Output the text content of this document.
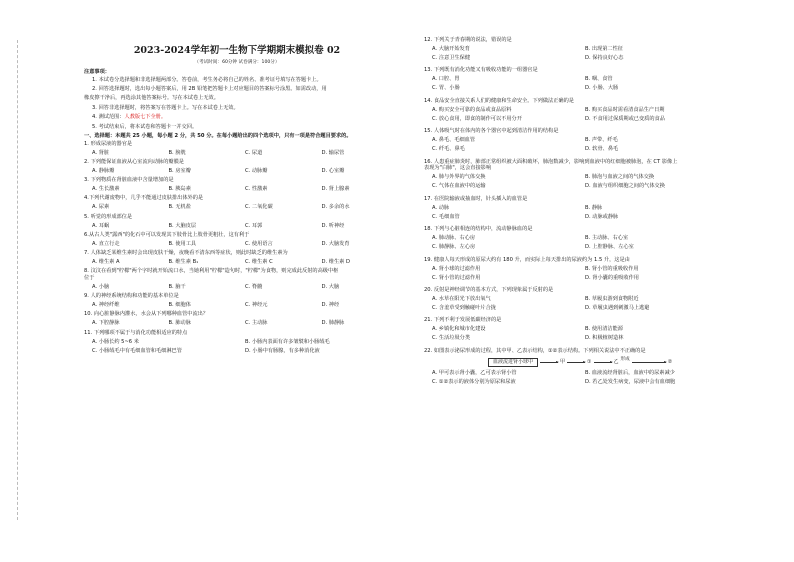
2023-2024学年初一生物下学期期末模拟卷 02
（考试时间：60分钟 试卷满分：100分）
注意事项：
1. 本试卷分选择题和非选择题两部分。答卷前，考生务必将自己的姓名、准考证号填写在答题卡上。
2. 回答选择题时，选出每小题答案后，用 2B 铅笔把答题卡上对应题目的答案标号涂黑。如需改动，用
橡皮擦干净后，再选涂其他答案标号。写在本试卷上无效。
3. 回答非选择题时，将答案写在答题卡上。写在本试卷上无效。
4. 测试范围：人教版七下全册。
5. 考试结束后，将本试卷和答题卡一并交回。
一、选择题：本题共 25 小题，每小题 2 分，共 50 分。在每小题给出的四个选项中，只有一项是符合题目要求的。
1. 形成尿液的器官是
A. 肾脏	B. 膀胱	C. 尿道	D. 输尿管
2. 下列能保证血液从心室流向动脉的瓣膜是
A. 静脉瓣	B. 房室瓣	C. 动脉瓣	D. 心室瓣
3. 下列物质在肾脏血液中含量增加的是
A. 生长激素	B. 胰岛素	C. 性激素	D. 肾上腺素
4.下列代谢废物中，几乎不能通过皮肤排出体外的是
A. 尿素	B. 无机盐	C. 二氧化碳	D. 多余的水
5. 听觉的形成部位是
A. 耳蜗	B. 大脑皮层	C. 耳郭	D. 听神经
6.从古人类"露西"的化石中可以发现其下肢骨比上肢骨更粗壮，这有利于
A. 直立行走	B. 使用工具	C. 使用语言	D. 大脑发育
7. 人体缺乏某维生素时会出现皮肤干燥，夜晚看不清东西等症状，则此时缺乏的维生素为
A. 维生素 A	B. 维生素 B₁	C. 维生素 C	D. 维生素 D
8. 汶汶在看到"柠檬"两个字时就开始流口水，当她利用"柠檬"造句时，"柠檬"为食物，则完成此反射的高级中枢
位于
A. 小脑	B. 脑干	C. 脊髓	D. 大脑
9. 人的神经系统结构和功能的基本单位是
A. 神经纤维	B. 细胞体	C. 神经元	D. 神经
10. 向心脏静脉内灌水，水会从下列哪种血管中流出？
A. 下腔静脉	B. 肺动脉	C. 主动脉	D. 肺静脉
11. 下列哪项不属于与消化功能相适应的特点
A. 小肠长约 5~6 米	B. 小肠内表面有许多皱襞和小肠绒毛
C. 小肠绒毛中有毛细血管和毛细淋巴管	D. 小肠中有肠腺，有多种消化液
12. 下列关于青春期的说法，错误的是
A. 大脑开始发育	B. 出现第二性征
C. 注意卫生保健	D. 保持良好心态
13. 下列既有消化功能又有吸收功能的一组器官是
A. 口腔、胃	B. 咽、食管
C. 胃、小肠	D. 小肠、大肠
14. 食品安全直接关系人们的健康和生命安全。下列做法正确的是
A. 购买安全可靠的食品或食品原料	B. 购买食品时需看清食品生产日期
C. 放心食用，即食的制作可以不用分开	D. 不食用过保质期或已变质的食品
15. 人体吸气时在体内的各个器官中起到清洁作用的结构是
A. 鼻毛、毛细血管	B. 声带、纤毛
C. 纤毛、鼻毛	D. 软骨、鼻毛
16. 人患重症肺炎时，肺部正常组织被大面积破坏，肺泡数减少，影响到血液中的红细胞被肺泡，在 CT 影像上
表现为"白肺"，这会直接影响
A. 肺与外界的气体交换	B. 肺泡与血液之间的气体交换
C. 气体在血液中的运输	D. 血液与组织细胞之间的气体交换
17. 在医院输液或抽血时，针头插入的血管是
A. 动脉	B. 静脉
C. 毛细血管	D. 动脉或静脉
18. 下列与心脏相连的结构中，流动静脉血的是
A. 肺动脉、右心房	B. 主动脉、右心室
C. 肺静脉、左心房	D. 上腔静脉、左心室
19. 健康人每天形成的原尿大约有 180 升，而实际上每天排出的尿液约为 1.5 升，这是由
A. 肾小球的过滤作用	B. 肾小管的重吸收作用
C. 肾小管的过滤作用	D. 肾小囊的重吸收作用
20. 反射是神经调节的基本方式，下列现象属于反射的是
A. 水草在阳光下放出氧气	B. 草履虫游到食物附近
C. 含羞草受到触碰叶片合拢	D. 草履虫遇到刺激马上逃避
21. 下列不利于发展低碳经济的是
A. 乡镇化和城市化建设	B. 使用清洁能源
C. 生活垃圾分类	D. 积极植树造林
22. 如图表示泌尿形成的过程，其中甲、乙表示结构，①②表示结构。下列相关说法中不正确的是
血液流进肾小球中	甲	①	乙 形成	②
A. 甲可表示肾小囊，乙可表示肾小管	B. 血液流经肾脏后，血液中的尿素减少
C. ①②表示的液体分别为原尿和尿液	D. 若乙处发生病变，尿液中会有血细胞
